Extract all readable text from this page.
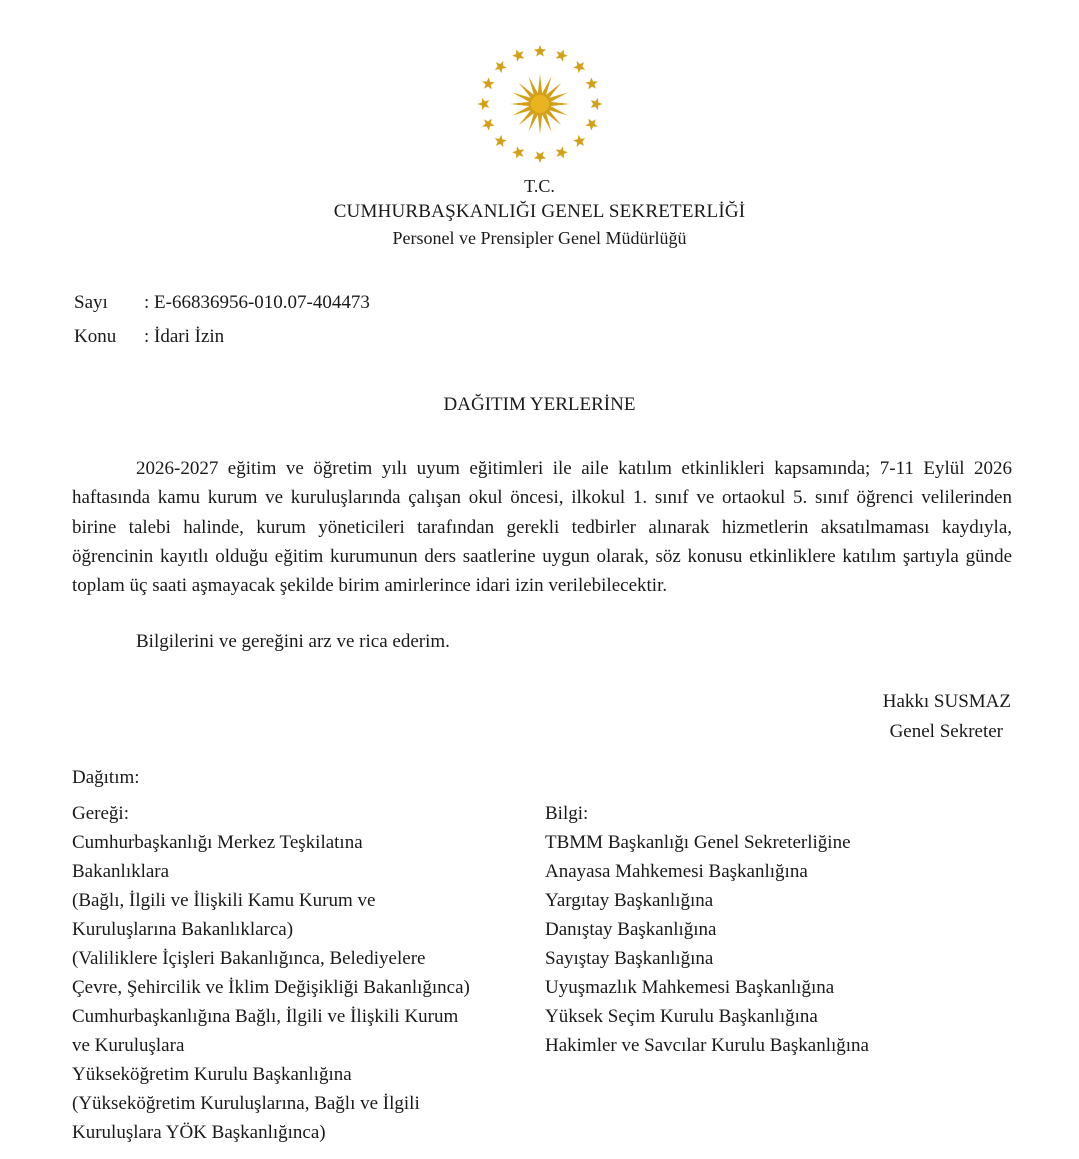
T.C.
CUMHURBAŞKANLIĞI GENEL SEKRETERLİĞİ
Personel ve Prensipler Genel Müdürlüğü
Sayı : E-66836956-010.07-404473
Konu : İdari İzin
DAĞITIM YERLERİNE
2026-2027 eğitim ve öğretim yılı uyum eğitimleri ile aile katılım etkinlikleri kapsamında; 7-11 Eylül 2026 haftasında kamu kurum ve kuruluşlarında çalışan okul öncesi, ilkokul 1. sınıf ve ortaokul 5. sınıf öğrenci velilerinden birine talebi halinde, kurum yöneticileri tarafından gerekli tedbirler alınarak hizmetlerin aksatılmaması kaydıyla, öğrencinin kayıtlı olduğu eğitim kurumunun ders saatlerine uygun olarak, söz konusu etkinliklere katılım şartıyla günde toplam üç saati aşmayacak şekilde birim amirlerince idari izin verilebilecektir.
Bilgilerini ve gereğini arz ve rica ederim.
Hakkı SUSMAZ
Genel Sekreter
Dağıtım:
Gereği:
Cumhurbaşkanlığı Merkez Teşkilatına
Bakanlıklara
(Bağlı, İlgili ve İlişkili Kamu Kurum ve
Kuruluşlarına Bakanlıklarca)
(Valiliklere İçişleri Bakanlığınca, Belediyelere
Çevre, Şehircilik ve İklim Değişikliği Bakanlığınca)
Cumhurbaşkanlığına Bağlı, İlgili ve İlişkili Kurum
ve Kuruluşlara
Yükseköğretim Kurulu Başkanlığına
(Yükseköğretim Kuruluşlarına, Bağlı ve İlgili
Kuruluşlara YÖK Başkanlığınca)
Bilgi:
TBMM Başkanlığı Genel Sekreterliğine
Anayasa Mahkemesi Başkanlığına
Yargıtay Başkanlığına
Danıştay Başkanlığına
Sayıştay Başkanlığına
Uyuşmazlık Mahkemesi Başkanlığına
Yüksek Seçim Kurulu Başkanlığına
Hakimler ve Savcılar Kurulu Başkanlığına
